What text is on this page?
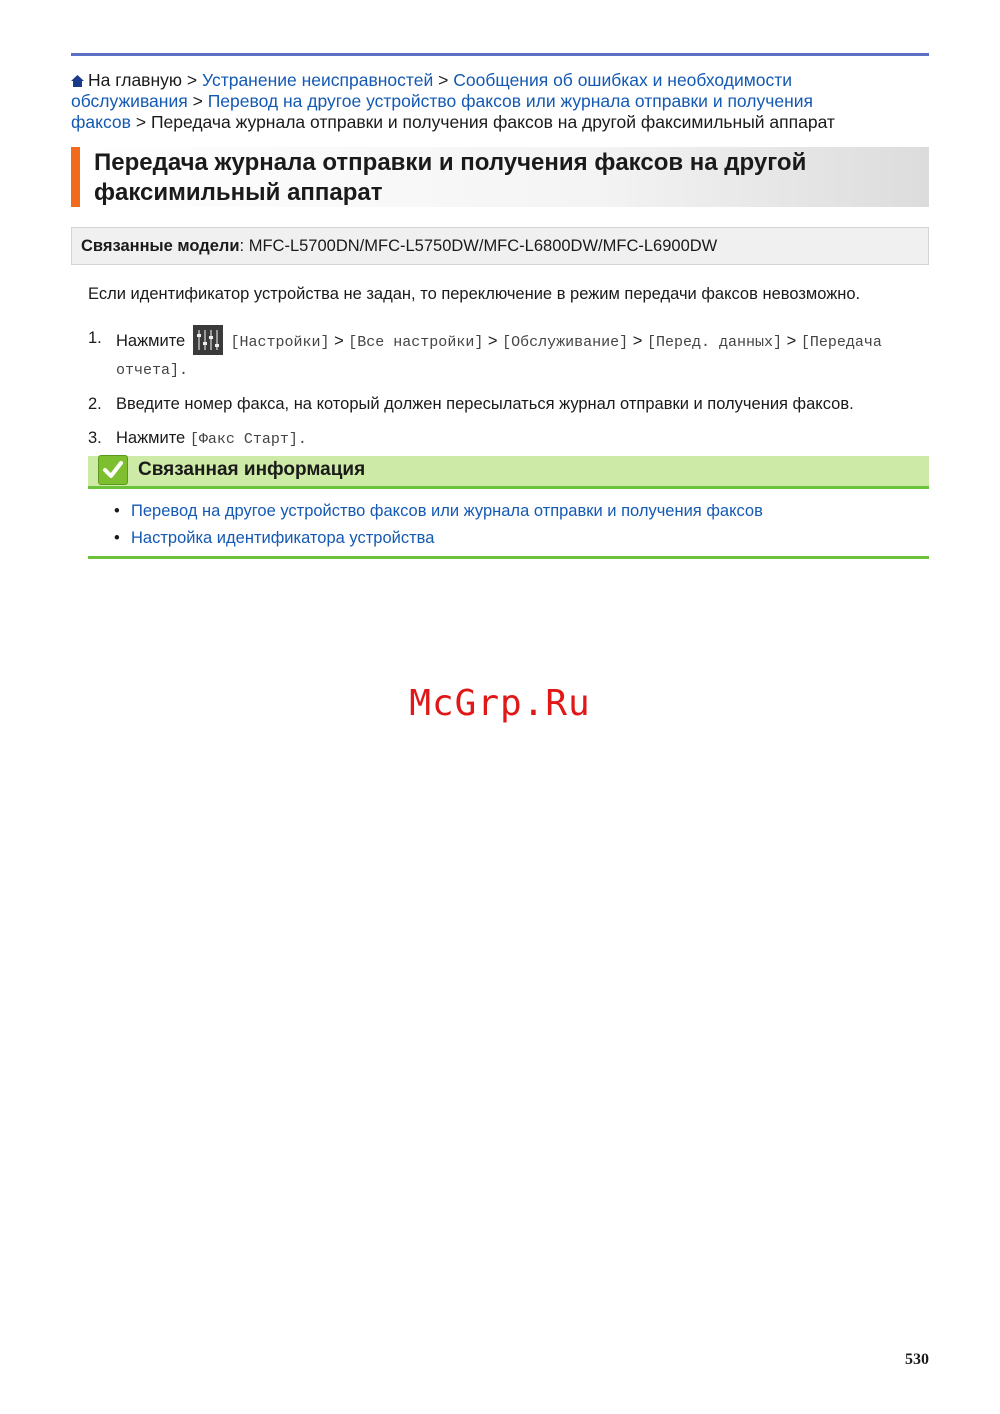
На главную > Устранение неисправностей > Сообщения об ошибках и необходимости обслуживания > Перевод на другое устройство факсов или журнала отправки и получения факсов > Передача журнала отправки и получения факсов на другой факсимильный аппарат
Передача журнала отправки и получения факсов на другой факсимильный аппарат
Связанные модели: MFC-L5700DN/MFC-L5750DW/MFC-L6800DW/MFC-L6900DW
Если идентификатор устройства не задан, то переключение в режим передачи факсов невозможно.
1. Нажмите	[Настройки] > [Все настройки] > [Обслуживание] > [Перед. данных] > [Передача отчета].
2. Введите номер факса, на который должен пересылаться журнал отправки и получения факсов.
3. Нажмите [Факс Старт].
Связанная информация
• Перевод на другое устройство факсов или журнала отправки и получения факсов
• Настройка идентификатора устройства
McGrp.Ru
530
